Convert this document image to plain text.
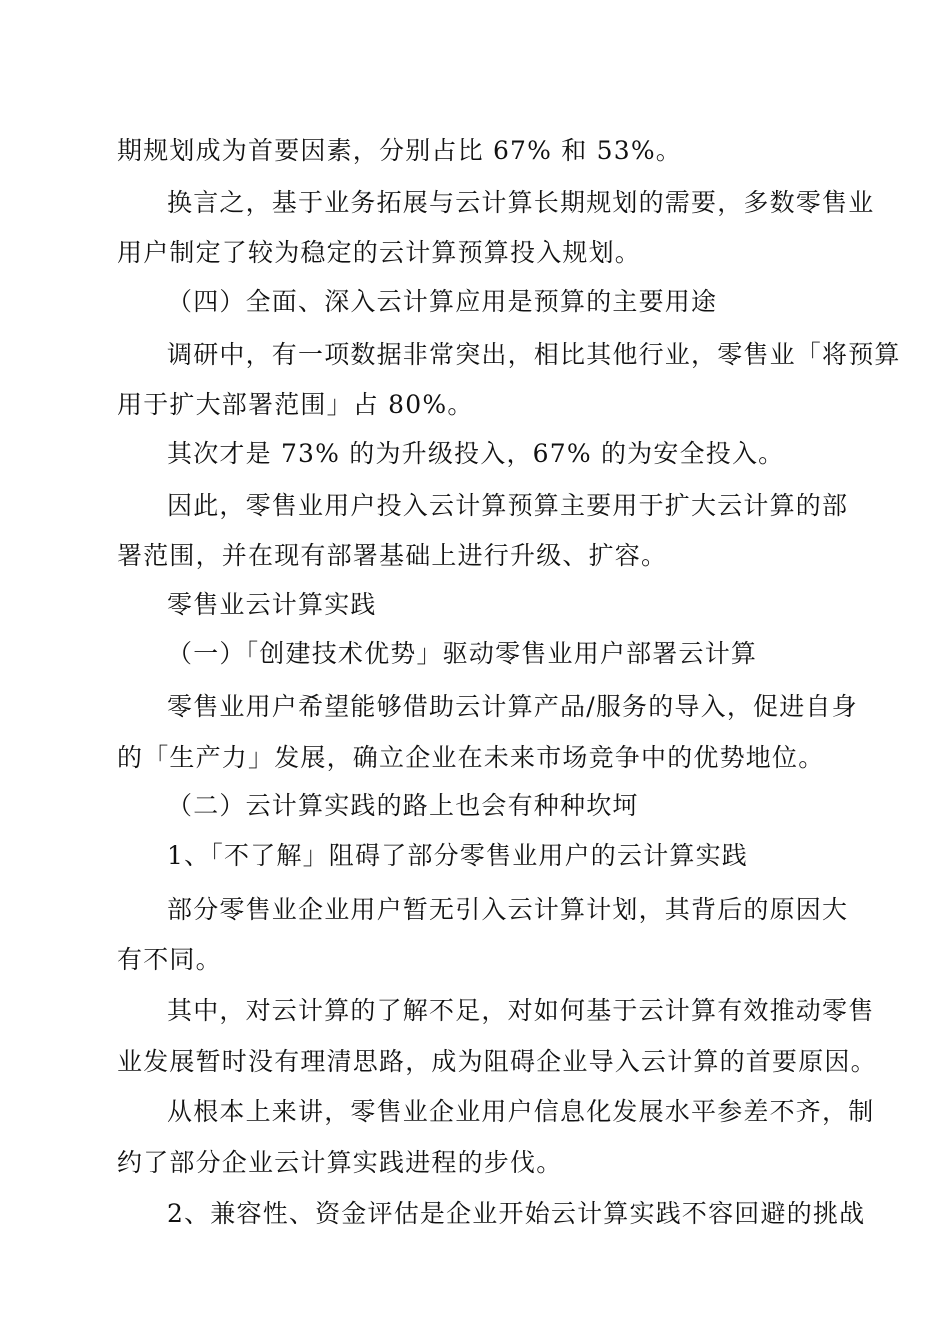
期规划成为首要因素，分别占比 67% 和 53%。
换言之，基于业务拓展与云计算长期规划的需要，多数零售业
用户制定了较为稳定的云计算预算投入规划。
（四）全面、深入云计算应用是预算的主要用途
调研中，有一项数据非常突出，相比其他行业，零售业「将预算
用于扩大部署范围」占 80%。
其次才是 73% 的为升级投入，67% 的为安全投入。
因此，零售业用户投入云计算预算主要用于扩大云计算的部
署范围，并在现有部署基础上进行升级、扩容。
零售业云计算实践
（一）「创建技术优势」驱动零售业用户部署云计算
零售业用户希望能够借助云计算产品/服务的导入，促进自身
的「生产力」发展，确立企业在未来市场竞争中的优势地位。
（二）云计算实践的路上也会有种种坎坷
1、「不了解」阻碍了部分零售业用户的云计算实践
部分零售业企业用户暂无引入云计算计划，其背后的原因大
有不同。
其中，对云计算的了解不足，对如何基于云计算有效推动零售
业发展暂时没有理清思路，成为阻碍企业导入云计算的首要原因。
从根本上来讲，零售业企业用户信息化发展水平参差不齐，制
约了部分企业云计算实践进程的步伐。
2、兼容性、资金评估是企业开始云计算实践不容回避的挑战
